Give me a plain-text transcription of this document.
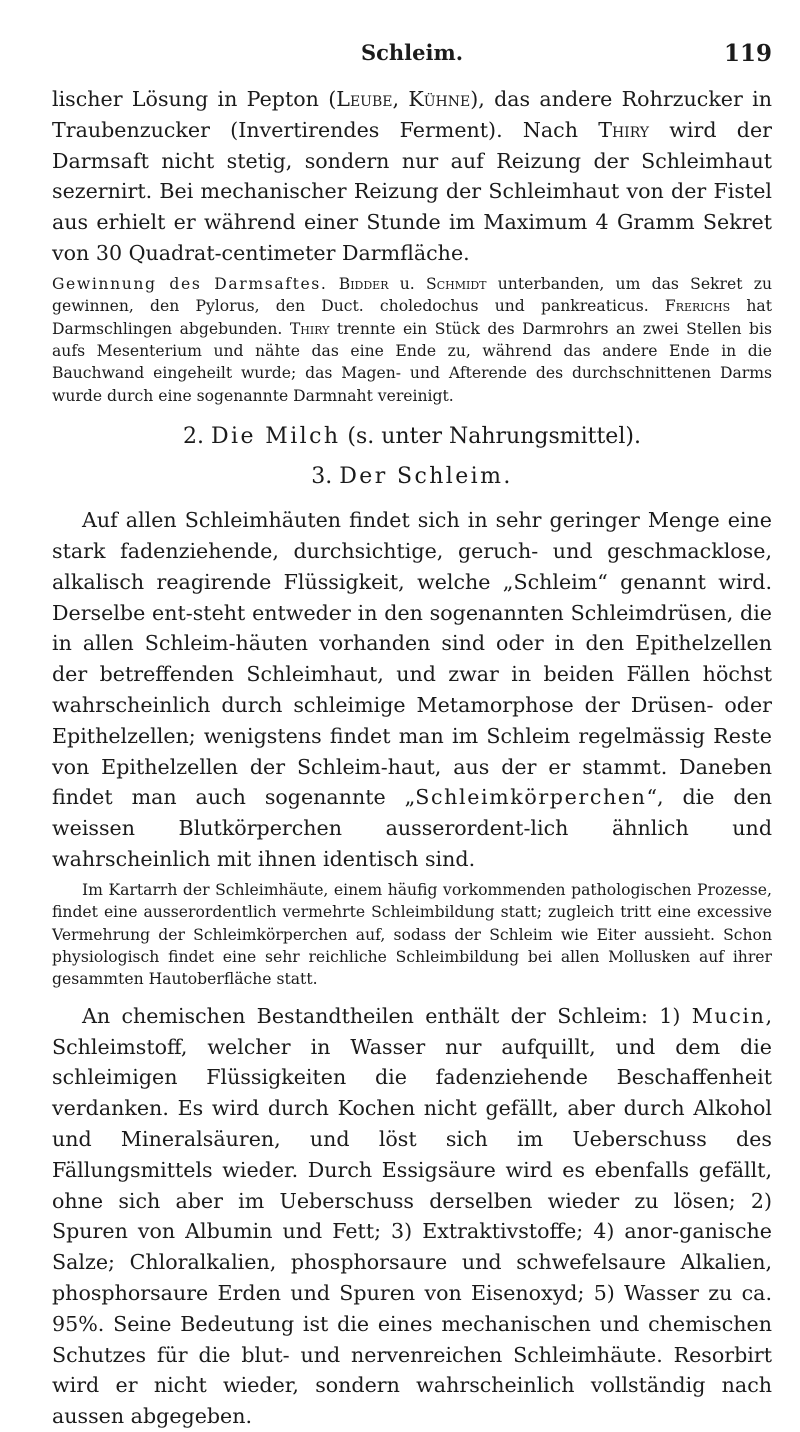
Schleim.	119

lischer Lösung in Pepton (Leube, Kühne), das andere Rohrzucker in Traubenzucker (Invertirendes Ferment). Nach Thiry wird der Darmsaft nicht stetig, sondern nur auf Reizung der Schleimhaut sezernirt. Bei mechanischer Reizung der Schleimhaut von der Fistel aus erhielt er während einer Stunde im Maximum 4 Gramm Sekret von 30 Quadrat-centimeter Darmfläche.

Gewinnung des Darmsaftes. Bidder u. Schmidt unterbanden, um das Sekret zu gewinnen, den Pylorus, den Duct. choledochus und pankreaticus. Frerichs hat Darmschlingen abgebunden. Thiry trennte ein Stück des Darmrohrs an zwei Stellen bis aufs Mesenterium und nähte das eine Ende zu, während das andere Ende in die Bauchwand eingeheilt wurde; das Magen- und Afterende des durchschnittenen Darms wurde durch eine sogenannte Darmnaht vereinigt.

2. Die Milch (s. unter Nahrungsmittel).

3. Der Schleim.

Auf allen Schleimhäuten findet sich in sehr geringer Menge eine stark fadenziehende, durchsichtige, geruch- und geschmacklose, alkalisch reagirende Flüssigkeit, welche „Schleim“ genannt wird. Derselbe ent-steht entweder in den sogenannten Schleimdrüsen, die in allen Schleim-häuten vorhanden sind oder in den Epithelzellen der betreffenden Schleimhaut, und zwar in beiden Fällen höchst wahrscheinlich durch schleimige Metamorphose der Drüsen- oder Epithelzellen; wenigstens findet man im Schleim regelmässig Reste von Epithelzellen der Schleim-haut, aus der er stammt. Daneben findet man auch sogenannte „Schleimkörperchen“, die den weissen Blutkörperchen ausserordent-lich ähnlich und wahrscheinlich mit ihnen identisch sind.

Im Kartarrh der Schleimhäute, einem häufig vorkommenden pathologischen Prozesse, findet eine ausserordentlich vermehrte Schleimbildung statt; zugleich tritt eine excessive Vermehrung der Schleimkörperchen auf, sodass der Schleim wie Eiter aussieht. Schon physiologisch findet eine sehr reichliche Schleimbildung bei allen Mollusken auf ihrer gesammten Hautoberfläche statt.

An chemischen Bestandtheilen enthält der Schleim: 1) Mucin, Schleimstoff, welcher in Wasser nur aufquillt, und dem die schleimigen Flüssigkeiten die fadenziehende Beschaffenheit verdanken. Es wird durch Kochen nicht gefällt, aber durch Alkohol und Mineralsäuren, und löst sich im Ueberschuss des Fällungsmittels wieder. Durch Essigsäure wird es ebenfalls gefällt, ohne sich aber im Ueberschuss derselben wieder zu lösen; 2) Spuren von Albumin und Fett; 3) Extraktivstoffe; 4) anor-ganische Salze; Chloralkalien, phosphorsaure und schwefelsaure Alkalien, phosphorsaure Erden und Spuren von Eisenoxyd; 5) Wasser zu ca. 95%. Seine Bedeutung ist die eines mechanischen und chemischen Schutzes für die blut- und nervenreichen Schleimhäute. Resorbirt wird er nicht wieder, sondern wahrscheinlich vollständig nach aussen abgegeben.
